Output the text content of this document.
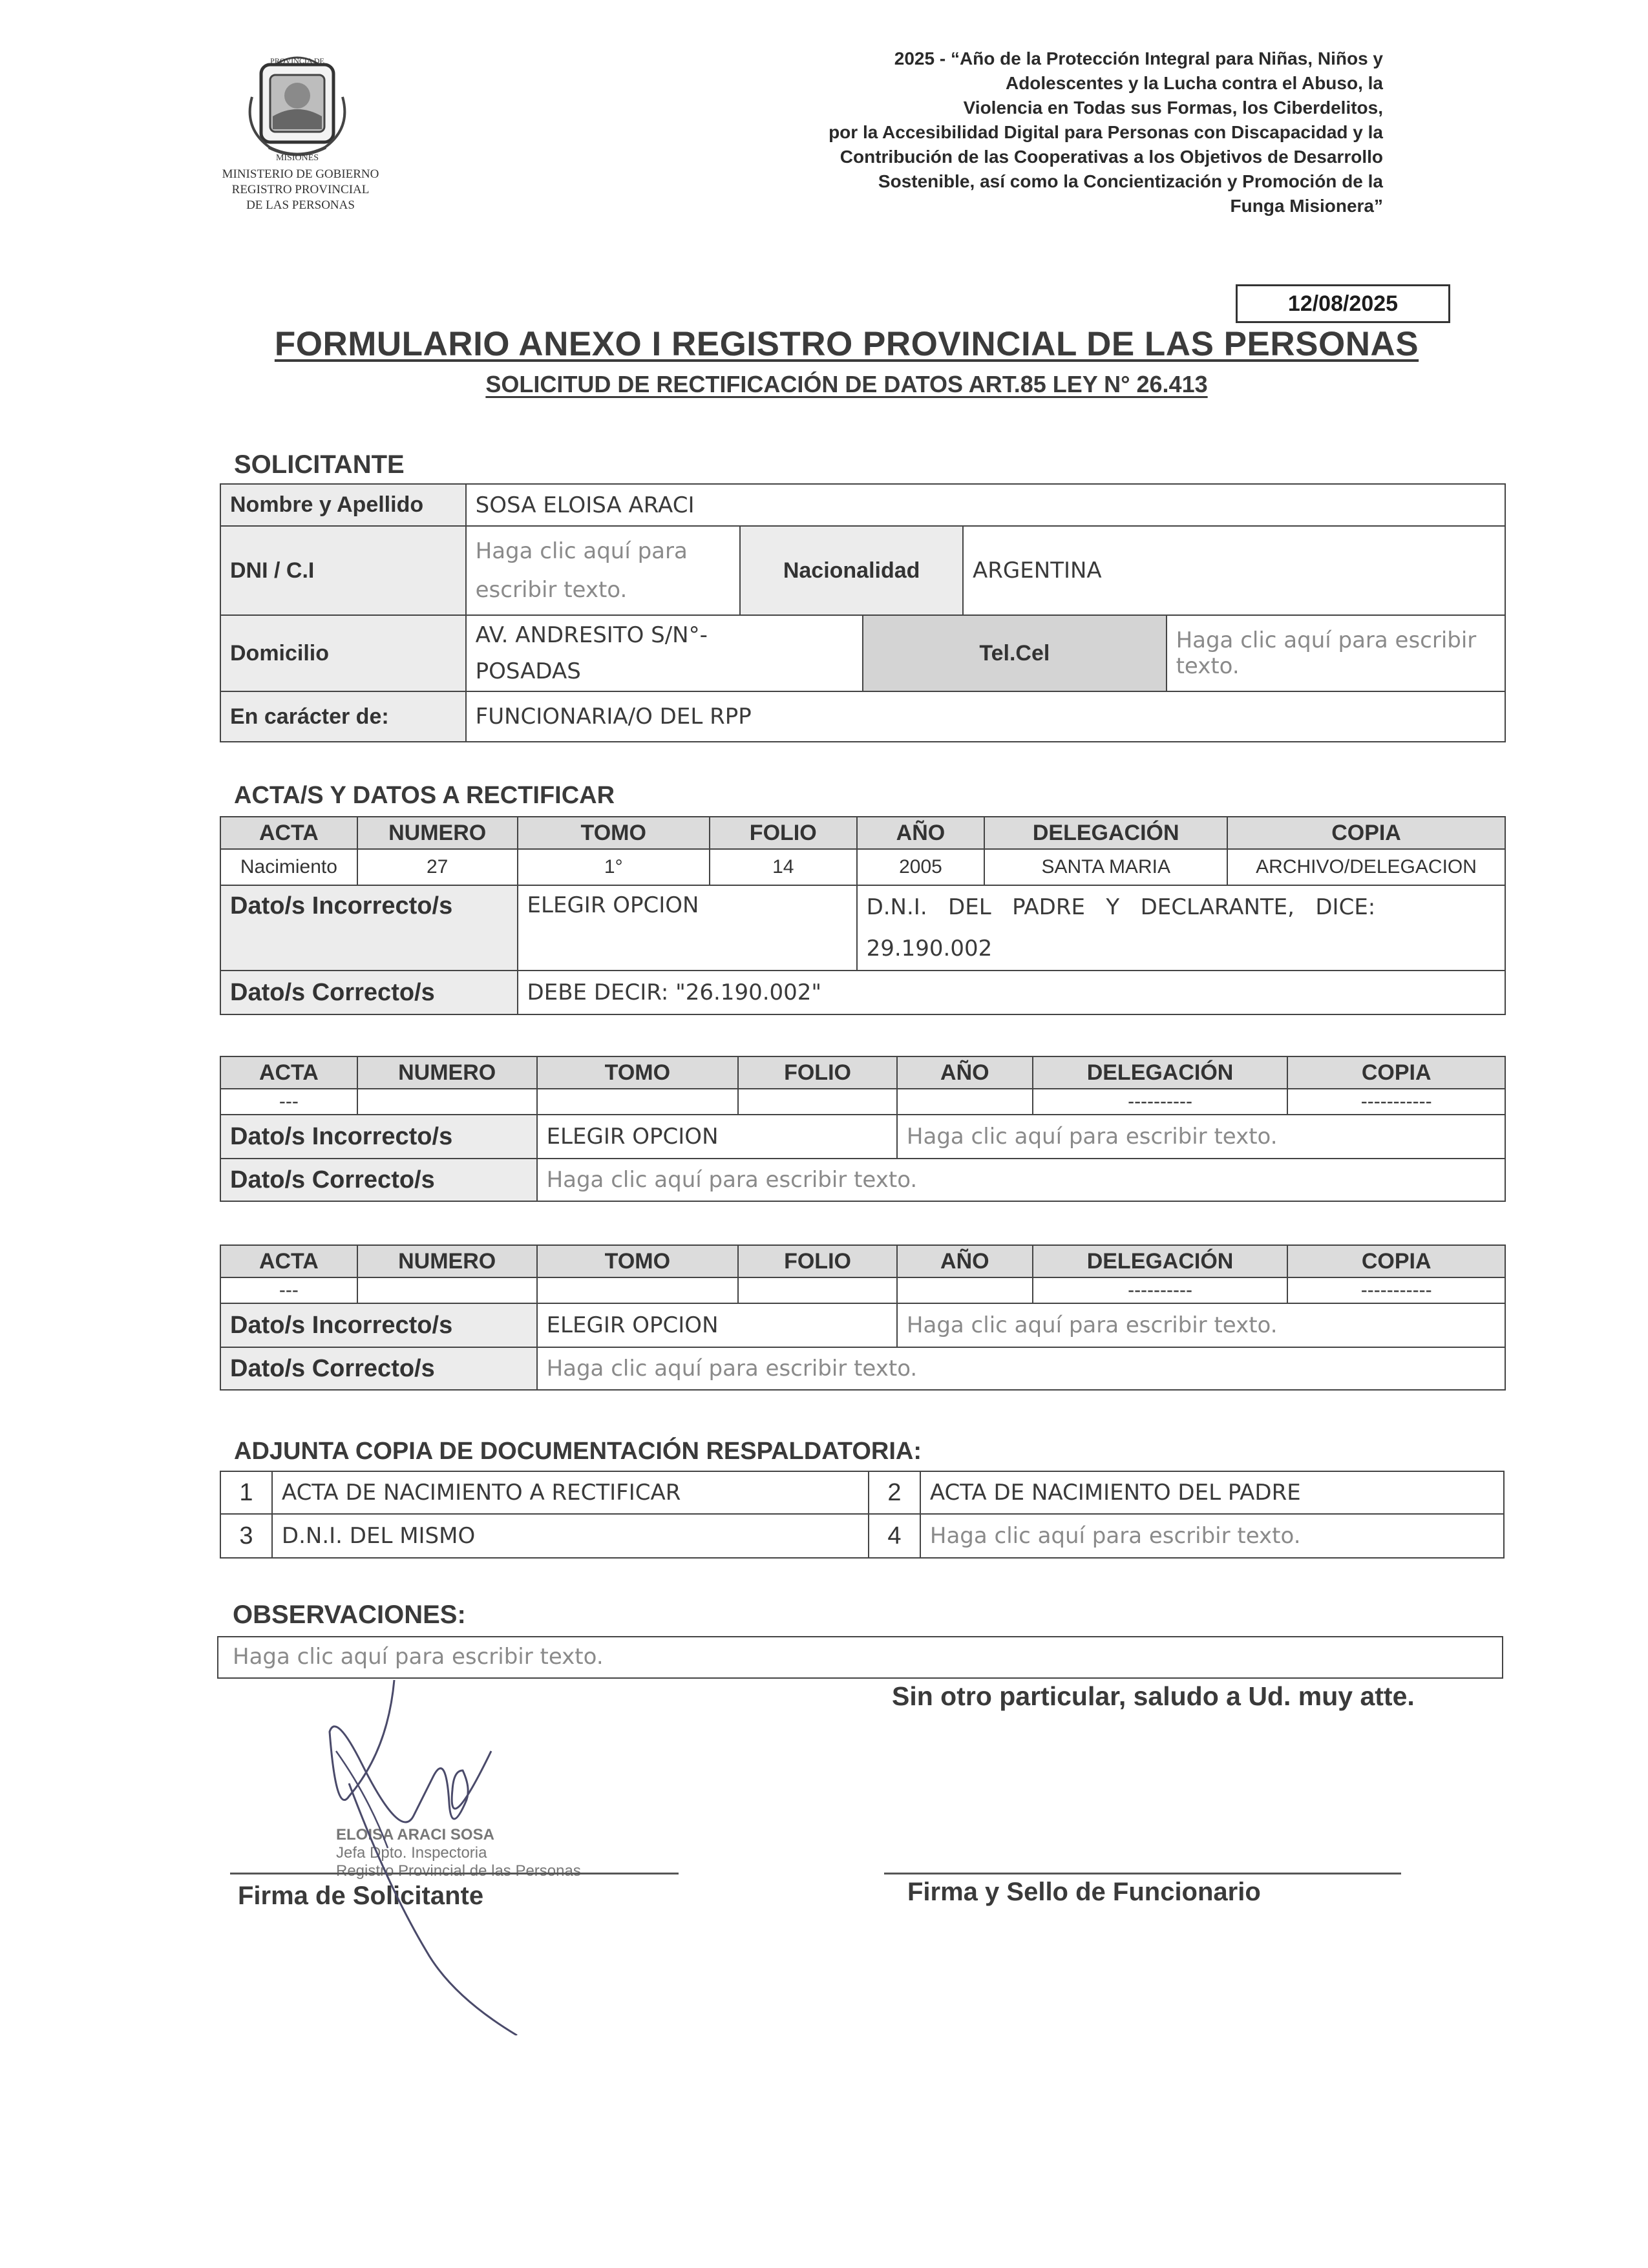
PROVINCIA DE
MISIONES
MINISTERIO DE GOBIERNO
REGISTRO PROVINCIAL
DE LAS PERSONAS
2025 - “Año de la Protección Integral para Niñas, Niños y
Adolescentes y la Lucha contra el Abuso, la
Violencia en Todas sus Formas, los Ciberdelitos,
por la Accesibilidad Digital para Personas con Discapacidad y la
Contribución de las Cooperativas a los Objetivos de Desarrollo
Sostenible, así como la Concientización y Promoción de la
Funga Misionera”
12/08/2025
FORMULARIO ANEXO I REGISTRO PROVINCIAL DE LAS PERSONAS
SOLICITUD DE RECTIFICACIÓN DE DATOS ART.85 LEY N° 26.413
SOLICITANTE
Nombre y Apellido	SOSA ELOISA ARACI				
DNI / C.I	Haga clic aquí para
escribir texto.	Nacionalidad		ARGENTINA	
Domicilio	AV. ANDRESITO S/N°-
POSADAS		Tel.Cel		Haga clic aquí para escribir texto.
En carácter de:	FUNCIONARIA/O DEL RPP				
ACTA/S Y DATOS A RECTIFICAR
ACTA	NUMERO	TOMO	FOLIO	AÑO	DELEGACIÓN	COPIA
Nacimiento	27	1°	14	2005	SANTA MARIA	ARCHIVO/DELEGACION
Dato/s Incorrecto/s		ELEGIR OPCION		D.N.I.   DEL   PADRE   Y   DECLARANTE,   DICE:
29.190.002		

Dato/s Correcto/s		DEBE DECIR: "26.190.002"				
ACTA	NUMERO	TOMO	FOLIO	AÑO	DELEGACIÓN	COPIA
---					----------	-----------
Dato/s Incorrecto/s		ELEGIR OPCION		Haga clic aquí para escribir texto.		
Dato/s Correcto/s		Haga clic aquí para escribir texto.				
ACTA	NUMERO	TOMO	FOLIO	AÑO	DELEGACIÓN	COPIA
---					----------	-----------
Dato/s Incorrecto/s		ELEGIR OPCION		Haga clic aquí para escribir texto.		
Dato/s Correcto/s		Haga clic aquí para escribir texto.				
ADJUNTA COPIA DE DOCUMENTACIÓN RESPALDATORIA:
1	ACTA DE NACIMIENTO A RECTIFICAR	2	ACTA DE NACIMIENTO DEL PADRE
3	D.N.I. DEL MISMO	4	Haga clic aquí para escribir texto.
OBSERVACIONES:
Haga clic aquí para escribir texto.
Sin otro particular, saludo a Ud. muy atte.
ELOISA ARACI SOSA
Jefa Dpto. Inspectoria
Registro Provincial de las Personas
Firma de Solicitante	Firma y Sello de Funcionario
